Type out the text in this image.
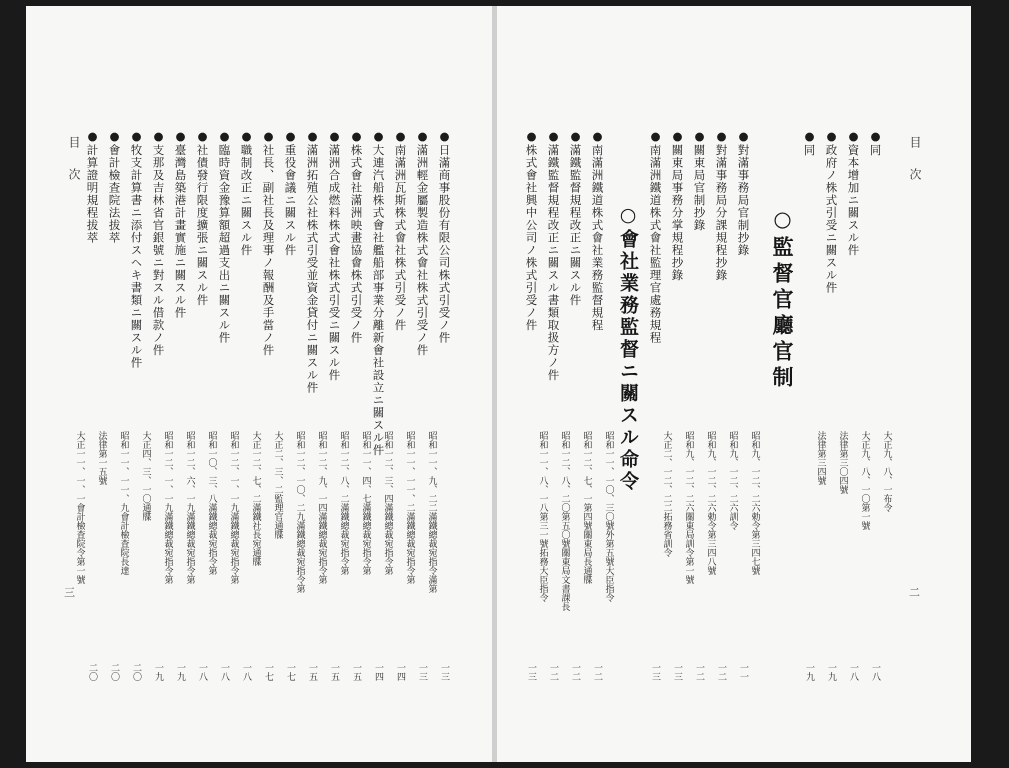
目　次
三
●日滿商事股份有限公司株式引受ノ件
●滿洲輕金屬製造株式會社株式引受ノ件
●南滿洲瓦斯株式會社株式引受ノ件
●大連汽船株式會社艦船部事業分離新會社設立ニ關スル件
●株式會社滿洲映畫協會株式引受ノ件
●滿洲合成燃料株式會社株式引受ニ關スル件
●滿洲拓殖公社株式引受並資金貸付ニ關スル件
●重役會議ニ關スル件
●社長、副社長及理事ノ報酬及手當ノ件
●職制改正ニ關スル件
●臨時資金豫算額超過支出ニ關スル件
●社債發行限度擴張ニ關スル件
●臺灣島築港計畫實施ニ關スル件
●支那及吉林省官銀號ニ對スル借款ノ件
●牧支計算書ニ添付スヘキ書類ニ關スル件
●會計檢査院法拔萃
●計算證明規程拔萃
昭和一一、九、二二滿鐵總裁宛指令滿第
昭和一一、一一、二滿鐵總裁宛指令第
昭和一二、三、四滿鐵總裁宛指令第
昭和一一、四、七滿鐵總裁宛指令第
昭和一二、八、二滿鐵總裁宛指令第
昭和一二、九、一四滿鐵總裁宛指令第
昭和一二、一〇、二九滿鐵總裁宛指令第
大正二、三、二監理官通牒
大正一二、七、二滿鐵社長宛通牒
昭和一二、一、一九滿鐵總裁宛指令第
昭和一〇、三、八滿鐵總裁宛指令第
昭和一二、六、一九滿鐵總裁宛指令第
昭和一二、一、一九滿鐵總裁宛指令第
大正四、三、一〇通牒
昭和一一、一一、九會計檢査院長達
法律第一五號
大正一一、一、一會計檢査院令第一號
一三
一三
一四
一四
一五
一五
一五
一七
一七
一八
一八
一八
一九
一九
二〇
二〇
二〇
目　次
二
●同
●資本增加ニ關スル件
●政府ノ株式引受ニ關スル件
●同
大正九、八、一布令
大正九、八、一〇第一號
法律第三〇四號
法律第三四號
一八
一八
一九
一九
○監督官廳官制
●對滿事務局官制抄錄
●對滿事務局分課規程抄錄
●關東局官制抄錄
●關東局事務分掌規程抄錄
●南滿洲鐵道株式會社監理官處務規程
昭和九、一二、二六勅令第三四七號
昭和九、一二、二六訓令
昭和九、一二、二六勅令第三四八號
昭和九、一二、二六關東局訓令第一號
大正二、一二、二二拓務省訓令
一一
一二
一二
一三
一三
○會社業務監督ニ關スル命令
●南滿洲鐵道株式會社業務監督規程
●滿鐵監督規程改正ニ關スル件
●滿鐵監督規程改正ニ關スル書類取扱方ノ件
●株式會社興中公司ノ株式引受ノ件
昭和一一、一〇、三〇號外第五號大臣指令
昭和一二、七、一第四號關東局長通牒
昭和一二、八、二〇第五〇號關東局文書課長
昭和一一、八、一八第三一號拓務大臣指令
一二
一二
一二
一三
